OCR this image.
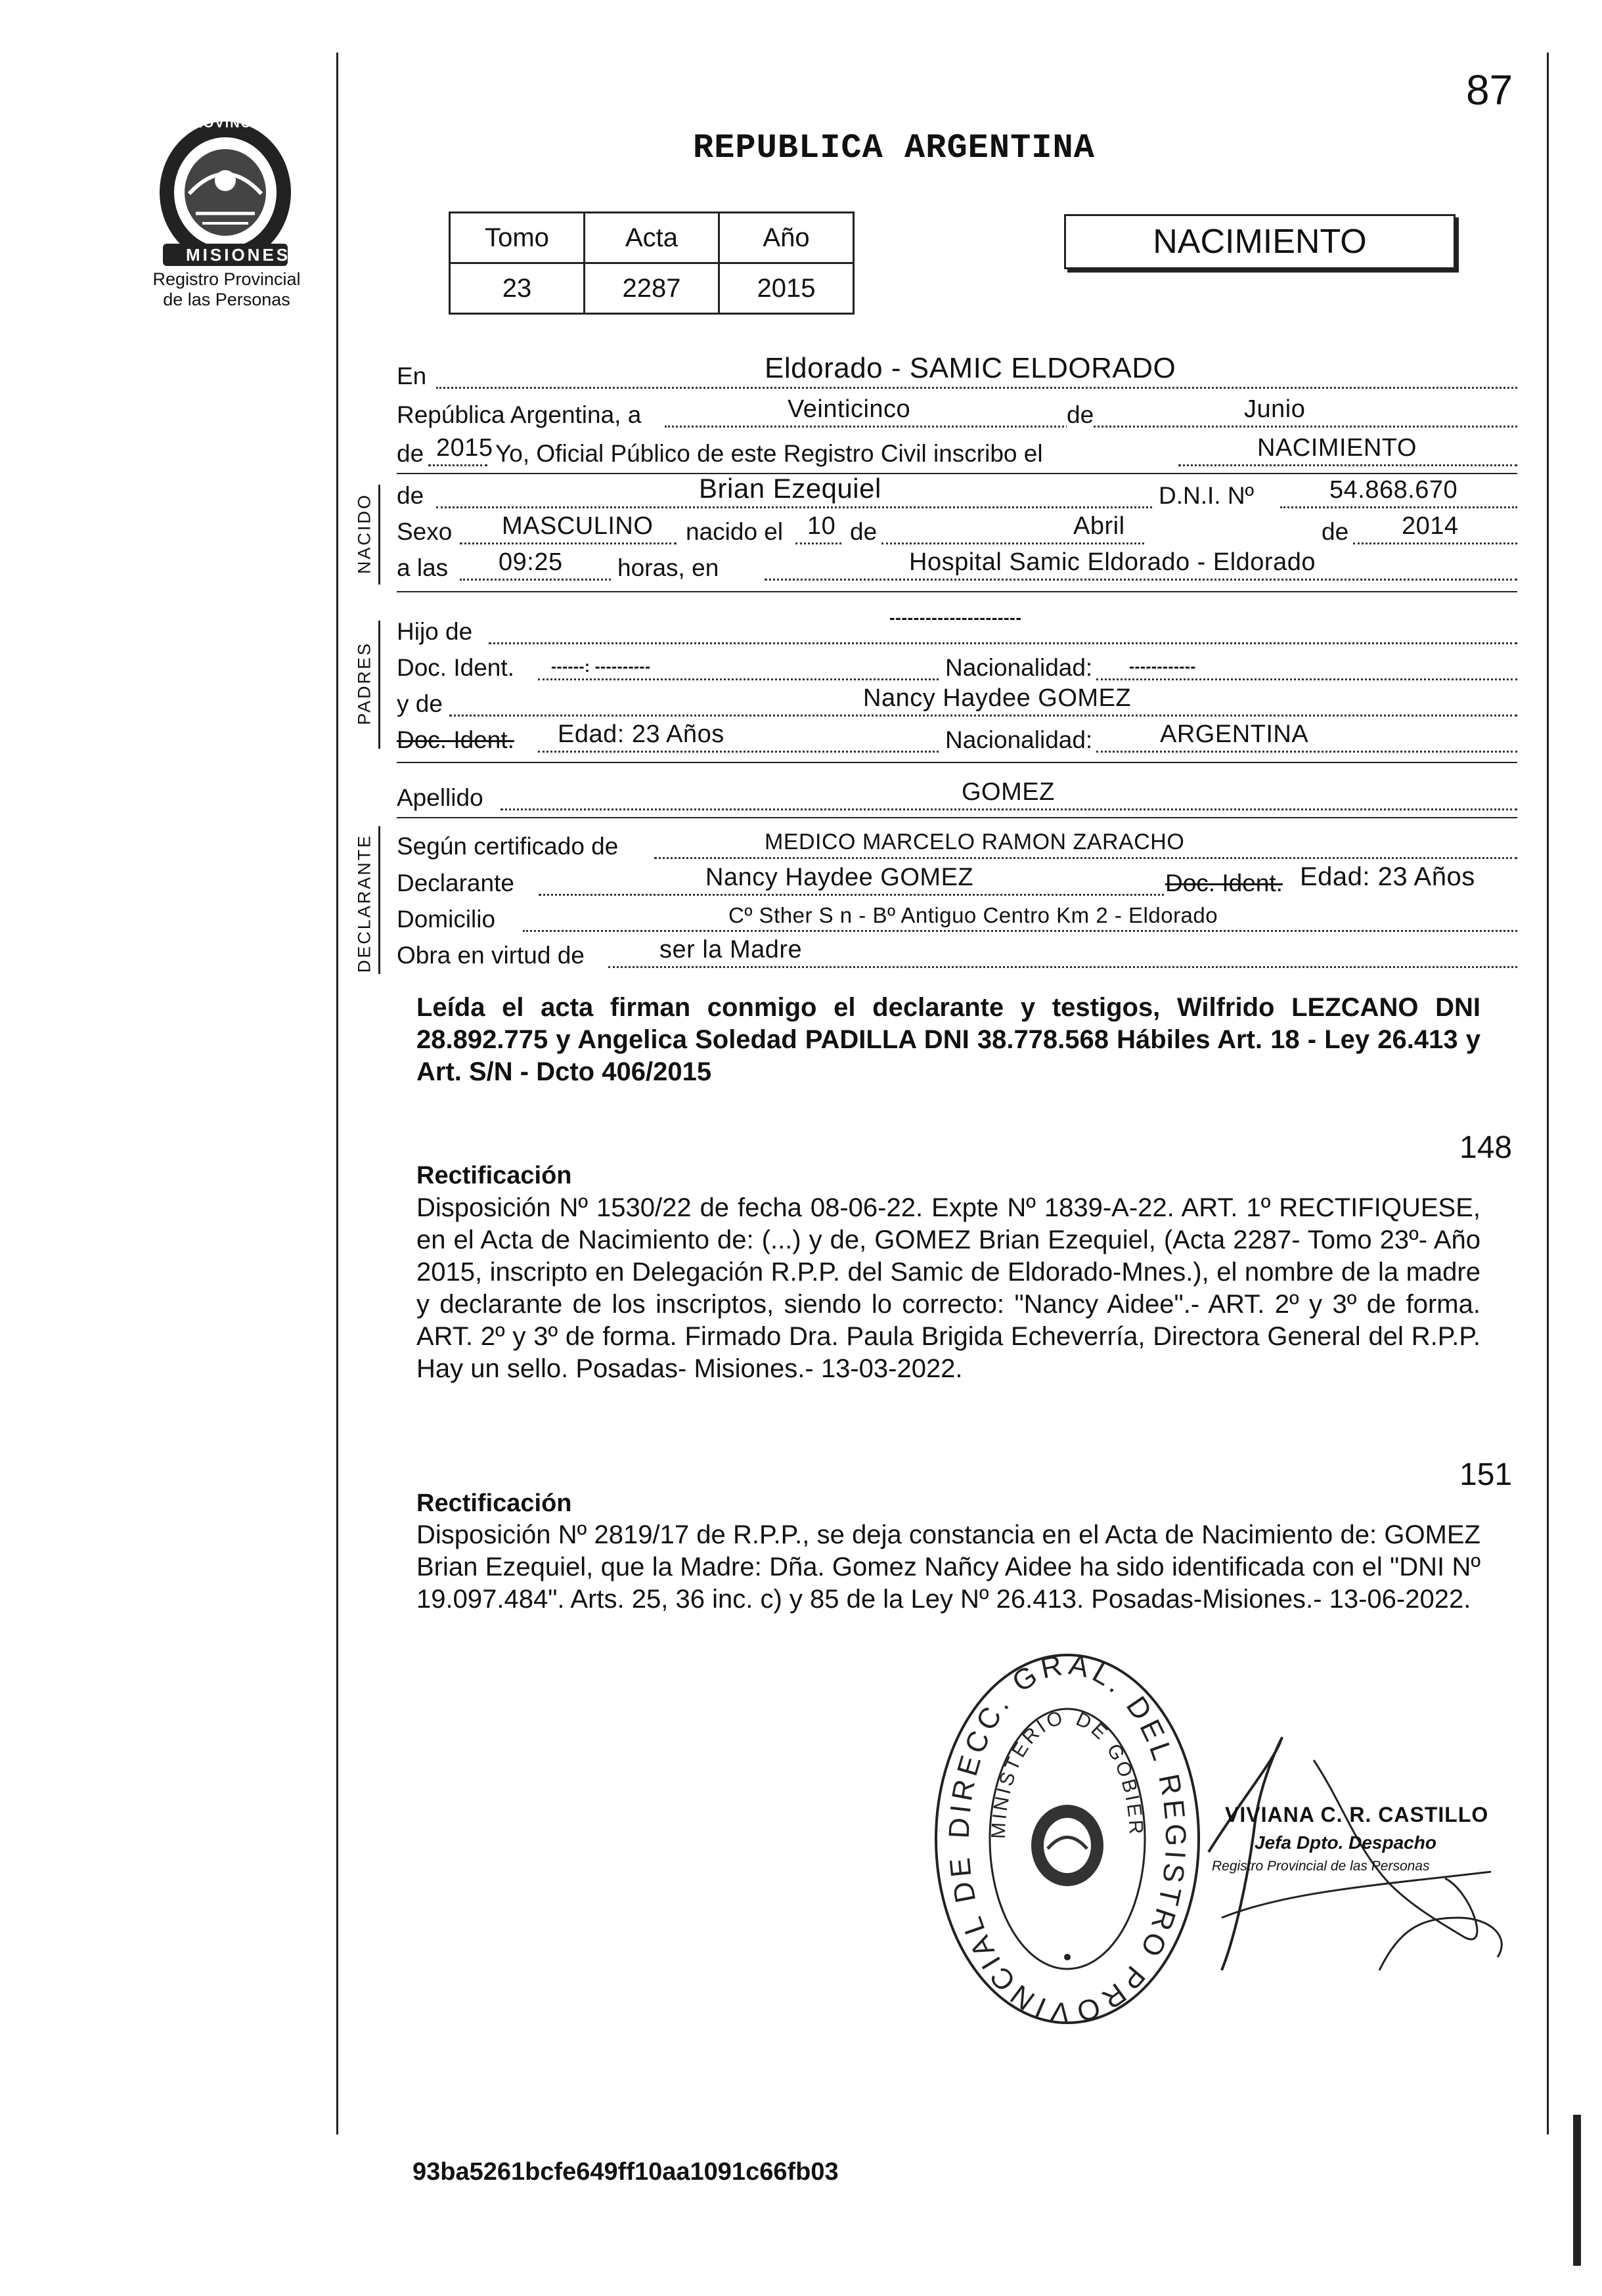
PROVINCIA DE
MISIONES
Registro Provincial
de las Personas
REPUBLICA ARGENTINA
87
Tomo	Acta	Año
23	2287	2015
NACIMIENTO
NACIDO
PADRES
DECLARANTE
En	Eldorado - SAMIC ELDORADO
República Argentina, a	Veinticinco	de	Junio
de 2015 Yo, Oficial Público de este Registro Civil inscribo el	NACIMIENTO
de	Brian Ezequiel	D.N.I. Nº	54.868.670
Sexo MASCULINO nacido el 10 de	Abril	de 2014
a las 09:25 horas, en	Hospital Samic Eldorado - Eldorado
Hijo de
----------------------
Doc. Ident. ------: ----------	Nacionalidad: ------------
y de	Nancy Haydee GOMEZ
Doc. Ident. Edad: 23 Años	Nacionalidad:	ARGENTINA
Apellido	GOMEZ
Según certificado de	MEDICO MARCELO RAMON ZARACHO
Declarante	Nancy Haydee GOMEZ	Doc. Ident. Edad: 23 Años
Domicilio	Cº Sther S n - Bº Antiguo Centro Km 2 - Eldorado
Obra en virtud de	ser la Madre
Leída el acta firman conmigo el declarante y testigos, Wilfrido LEZCANO DNI 28.892.775 y Angelica Soledad PADILLA DNI 38.778.568 Hábiles Art. 18 - Ley 26.413 y Art. S/N - Dcto 406/2015
148
Rectificación
Disposición Nº 1530/22 de fecha 08-06-22. Expte Nº 1839-A-22. ART. 1º RECTIFIQUESE, en el Acta de Nacimiento de: (...) y de, GOMEZ Brian Ezequiel, (Acta 2287- Tomo 23º- Año 2015, inscripto en Delegación R.P.P. del Samic de Eldorado-Mnes.), el nombre de la madre y declarante de los inscriptos, siendo lo correcto: "Nancy Aidee".- ART. 2º y 3º de forma. ART. 2º y 3º de forma. Firmado Dra. Paula Brigida Echeverría, Directora General del R.P.P. Hay un sello. Posadas- Misiones.- 13-03-2022.
151
Rectificación
Disposición Nº 2819/17 de R.P.P., se deja constancia en el Acta de Nacimiento de: GOMEZ Brian Ezequiel, que la Madre: Dña. Gomez Nañcy Aidee ha sido identificada con el "DNI Nº 19.097.484". Arts. 25, 36 inc. c) y 85 de la Ley Nº 26.413. Posadas-Misiones.- 13-06-2022.
DIRECC. GRAL. DEL REGISTRO PROVINCIAL DE
MINISTERIO DE GOBIER
VIVIANA C. R. CASTILLO
Jefa Dpto. Despacho
Registro Provincial de las Personas
93ba5261bcfe649ff10aa1091c66fb03
